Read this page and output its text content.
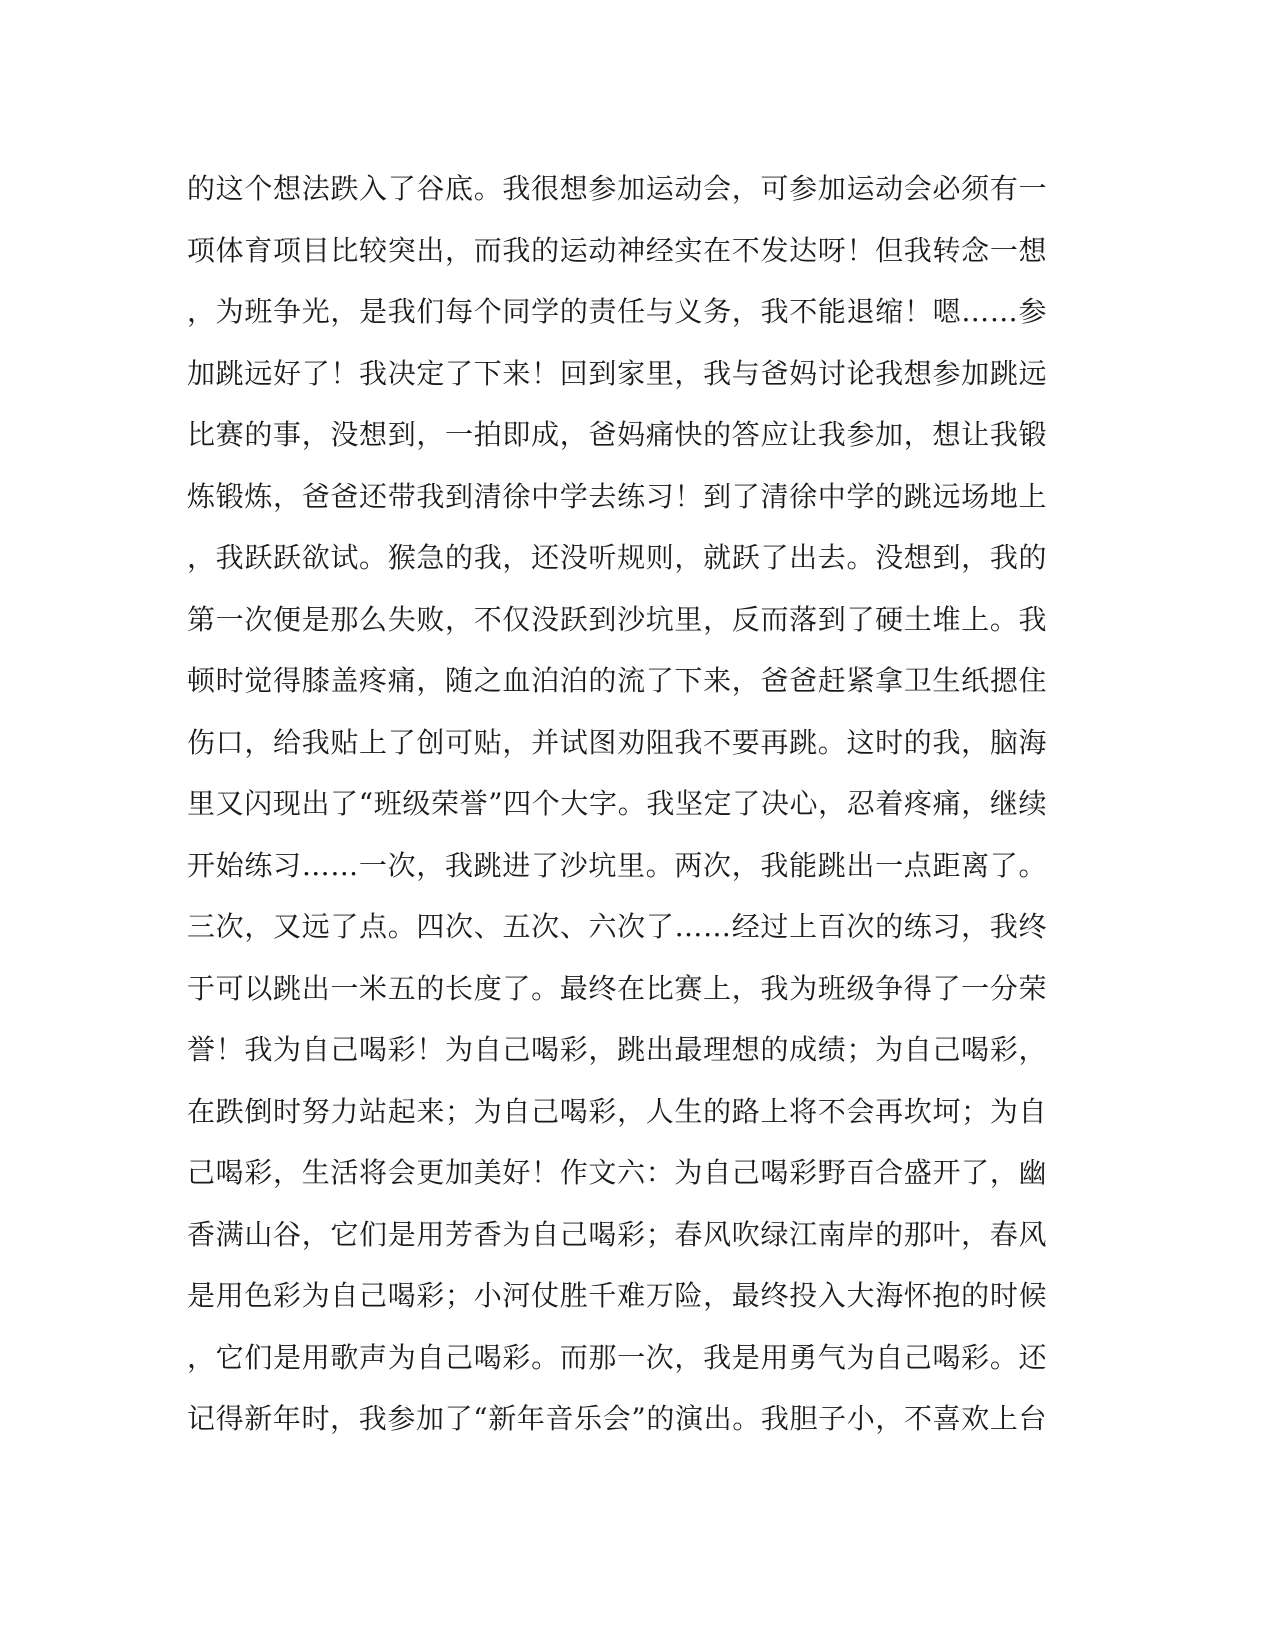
的这个想法跌入了谷底。我很想参加运动会，可参加运动会必须有一
项体育项目比较突出，而我的运动神经实在不发达呀！但我转念一想
，为班争光，是我们每个同学的责任与义务，我不能退缩！嗯……参
加跳远好了！我决定了下来！回到家里，我与爸妈讨论我想参加跳远
比赛的事，没想到，一拍即成，爸妈痛快的答应让我参加，想让我锻
炼锻炼，爸爸还带我到清徐中学去练习！到了清徐中学的跳远场地上
，我跃跃欲试。猴急的我，还没听规则，就跃了出去。没想到，我的
第一次便是那么失败，不仅没跃到沙坑里，反而落到了硬土堆上。我
顿时觉得膝盖疼痛，随之血泊泊的流了下来，爸爸赶紧拿卫生纸摁住
伤口，给我贴上了创可贴，并试图劝阻我不要再跳。这时的我，脑海
里又闪现出了“班级荣誉”四个大字。我坚定了决心，忍着疼痛，继续
开始练习……一次，我跳进了沙坑里。两次，我能跳出一点距离了。
三次，又远了点。四次、五次、六次了……经过上百次的练习，我终
于可以跳出一米五的长度了。最终在比赛上，我为班级争得了一分荣
誉！我为自己喝彩！为自己喝彩，跳出最理想的成绩；为自己喝彩，
在跌倒时努力站起来；为自己喝彩，人生的路上将不会再坎坷；为自
己喝彩，生活将会更加美好！作文六：为自己喝彩野百合盛开了，幽
香满山谷，它们是用芳香为自己喝彩；春风吹绿江南岸的那叶，春风
是用色彩为自己喝彩；小河仗胜千难万险，最终投入大海怀抱的时候
，它们是用歌声为自己喝彩。而那一次，我是用勇气为自己喝彩。还
记得新年时，我参加了“新年音乐会”的演出。我胆子小，不喜欢上台
